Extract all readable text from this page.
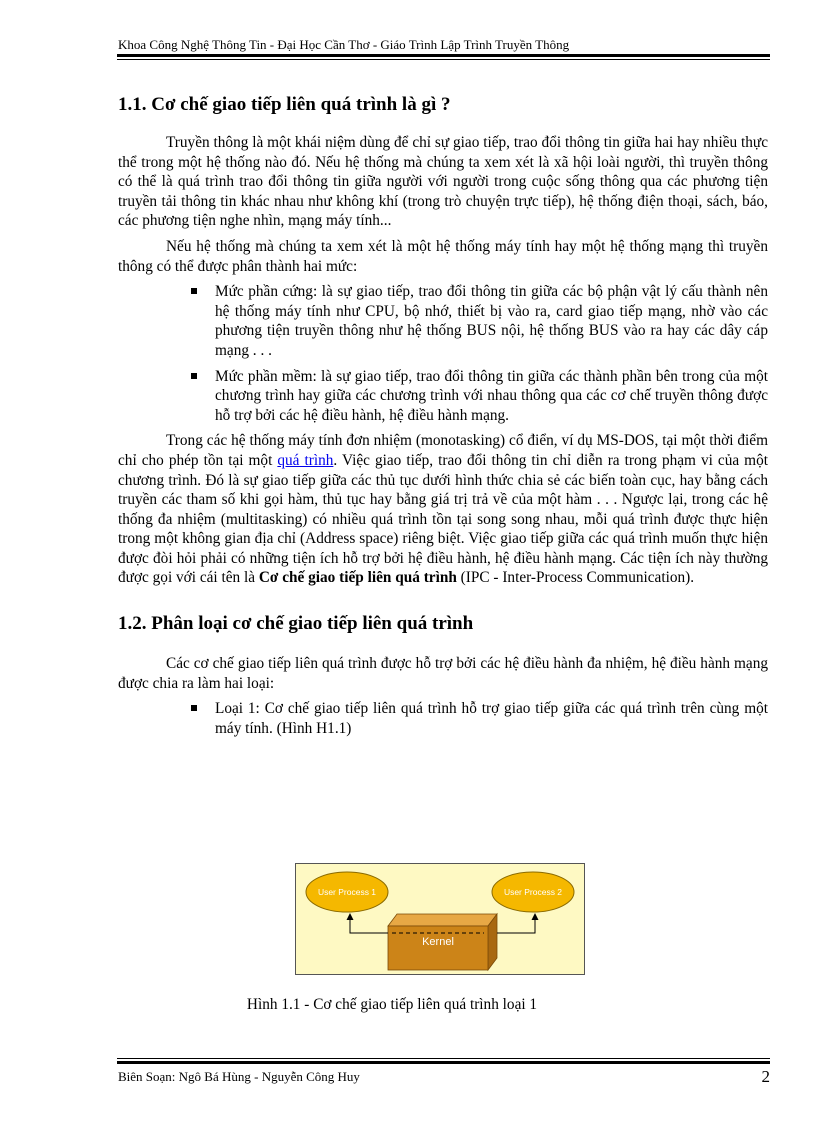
Khoa Công Nghệ Thông Tin - Đại Học Cần Thơ - Giáo Trình Lập Trình Truyền Thông
1.1. Cơ chế giao tiếp liên quá trình là gì ?

Truyền thông là một khái niệm dùng để chỉ sự giao tiếp, trao đổi thông tin giữa hai hay nhiều thực thể trong một hệ thống nào đó. Nếu hệ thống mà chúng ta xem xét là xã hội loài người, thì truyền thông có thể là quá trình trao đổi thông tin giữa người với người trong cuộc sống thông qua các phương tiện truyền tải thông tin khác nhau như không khí (trong trò chuyện trực tiếp), hệ thống điện thoại, sách, báo, các phương tiện nghe nhìn, mạng máy tính...

Nếu hệ thống mà chúng ta xem xét là một hệ thống máy tính hay một hệ thống mạng thì truyền thông có thể được phân thành hai mức:

Mức phần cứng: là sự giao tiếp, trao đổi thông tin giữa các bộ phận vật lý cấu thành nên hệ thống máy tính như CPU, bộ nhớ, thiết bị vào ra, card giao tiếp mạng, nhờ vào các phương tiện truyền thông như hệ thống BUS nội, hệ thống BUS vào ra hay các dây cáp mạng . . .
Mức phần mềm: là sự giao tiếp, trao đổi thông tin giữa các thành phần bên trong của một chương trình hay giữa các chương trình với nhau thông qua các cơ chế truyền thông được hỗ trợ bởi các hệ điều hành, hệ điều hành mạng.

Trong các hệ thống máy tính đơn nhiệm (monotasking) cổ điển, ví dụ MS-DOS, tại một thời điểm chỉ cho phép tồn tại một quá trình. Việc giao tiếp, trao đổi thông tin chỉ diễn ra trong phạm vi của một chương trình. Đó là sự giao tiếp giữa các thủ tục dưới hình thức chia sẻ các biến toàn cục, hay bằng cách truyền các tham số khi gọi hàm, thủ tục hay bằng giá trị trả về của một hàm . . . Ngược lại, trong các hệ thống đa nhiệm (multitasking) có nhiều quá trình tồn tại song song nhau, mỗi quá trình được thực hiện trong một không gian địa chỉ (Address space) riêng biệt. Việc giao tiếp giữa các quá trình muốn thực hiện được đòi hỏi phải có những tiện ích hỗ trợ bởi hệ điều hành, hệ điều hành mạng. Các tiện ích này thường được gọi với cái tên là Cơ chế giao tiếp liên quá trình (IPC - Inter-Process Communication).

1.2. Phân loại cơ chế giao tiếp liên quá trình

Các cơ chế giao tiếp liên quá trình được hỗ trợ bởi các hệ điều hành đa nhiệm, hệ điều hành mạng được chia ra làm hai loại:

Loại 1: Cơ chế giao tiếp liên quá trình hỗ trợ giao tiếp giữa các quá trình trên cùng một máy tính. (Hình H1.1)
User Process 1	User Process 2
Kernel
Hình 1.1 - Cơ chế giao tiếp liên quá trình loại 1
Biên Soạn: Ngô Bá Hùng - Nguyễn Công Huy	2
